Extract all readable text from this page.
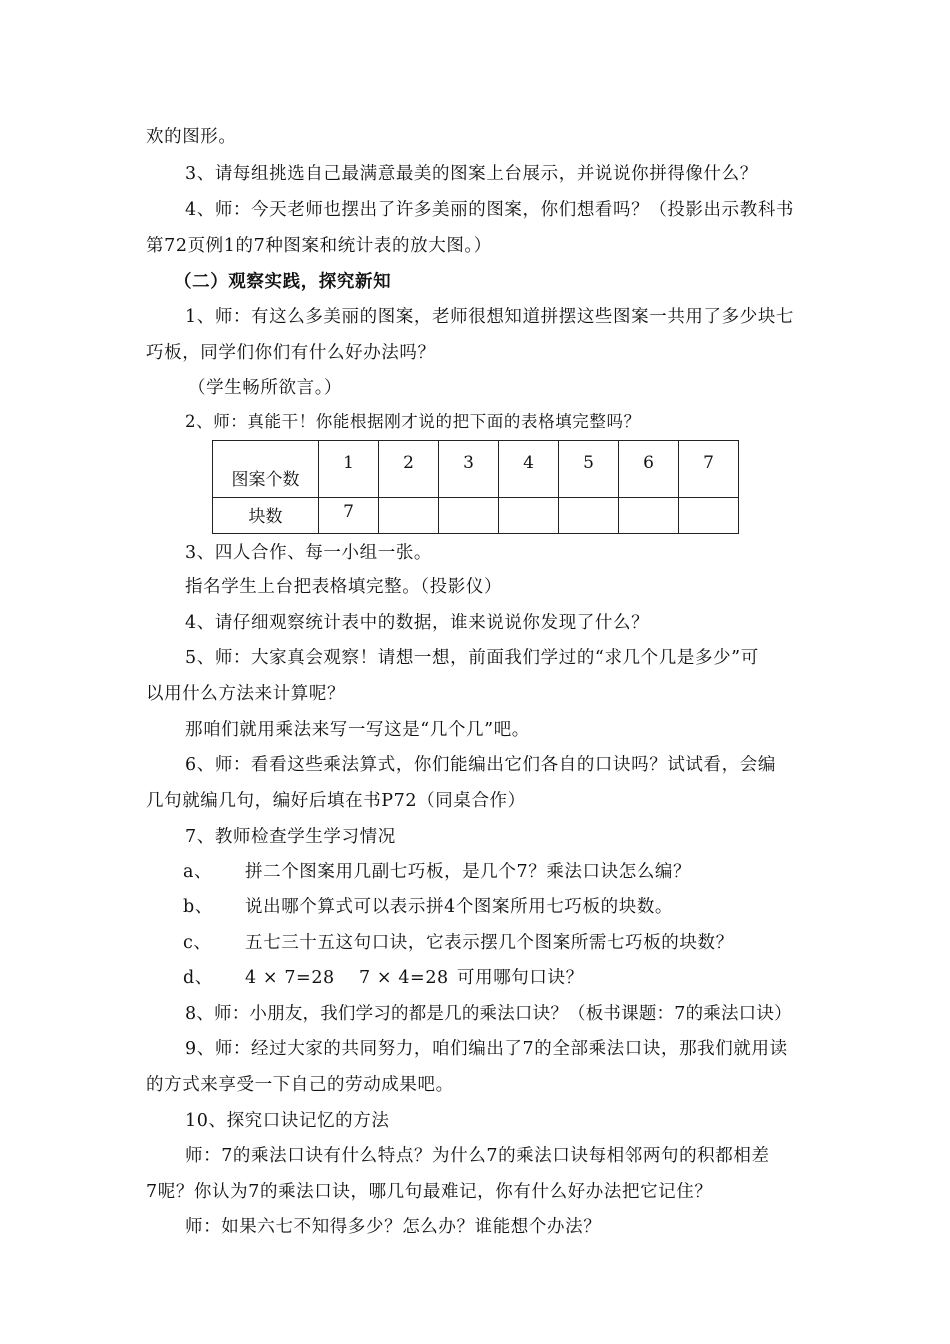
欢的图形。
3、请每组挑选自己最满意最美的图案上台展示，并说说你拼得像什么？
4、师：今天老师也摆出了许多美丽的图案，你们想看吗？（投影出示教科书
第72页例1的7种图案和统计表的放大图。）
（二）观察实践，探究新知
1、师：有这么多美丽的图案，老师很想知道拼摆这些图案一共用了多少块七
巧板，同学们你们有什么好办法吗？
（学生畅所欲言。）
2、师：真能干！你能根据刚才说的把下面的表格填完整吗？
图案个数	1	2	3	4	5	6	7
块数	7						
3、四人合作、每一小组一张。
指名学生上台把表格填完整。（投影仪）
4、请仔细观察统计表中的数据，谁来说说你发现了什么？
5、师：大家真会观察！请想一想，前面我们学过的“求几个几是多少”可
以用什么方法来计算呢？
那咱们就用乘法来写一写这是“几个几”吧。
6、师：看看这些乘法算式，你们能编出它们各自的口诀吗？试试看，会编
几句就编几句，编好后填在书P72（同桌合作）
7、教师检查学生学习情况
a、 拼二个图案用几副七巧板，是几个7？乘法口诀怎么编？
b、 说出哪个算式可以表示拼4个图案所用七巧板的块数。
c、 五七三十五这句口诀，它表示摆几个图案所需七巧板的块数？
d、 4 × 7=28 7 × 4=28 可用哪句口诀？
8、师：小朋友，我们学习的都是几的乘法口诀？（板书课题：7的乘法口诀）
9、师：经过大家的共同努力，咱们编出了7的全部乘法口诀，那我们就用读
的方式来享受一下自己的劳动成果吧。
10、探究口诀记忆的方法
师：7的乘法口诀有什么特点？为什么7的乘法口诀每相邻两句的积都相差
7呢？你认为7的乘法口诀，哪几句最难记，你有什么好办法把它记住？
师：如果六七不知得多少？怎么办？谁能想个办法？
